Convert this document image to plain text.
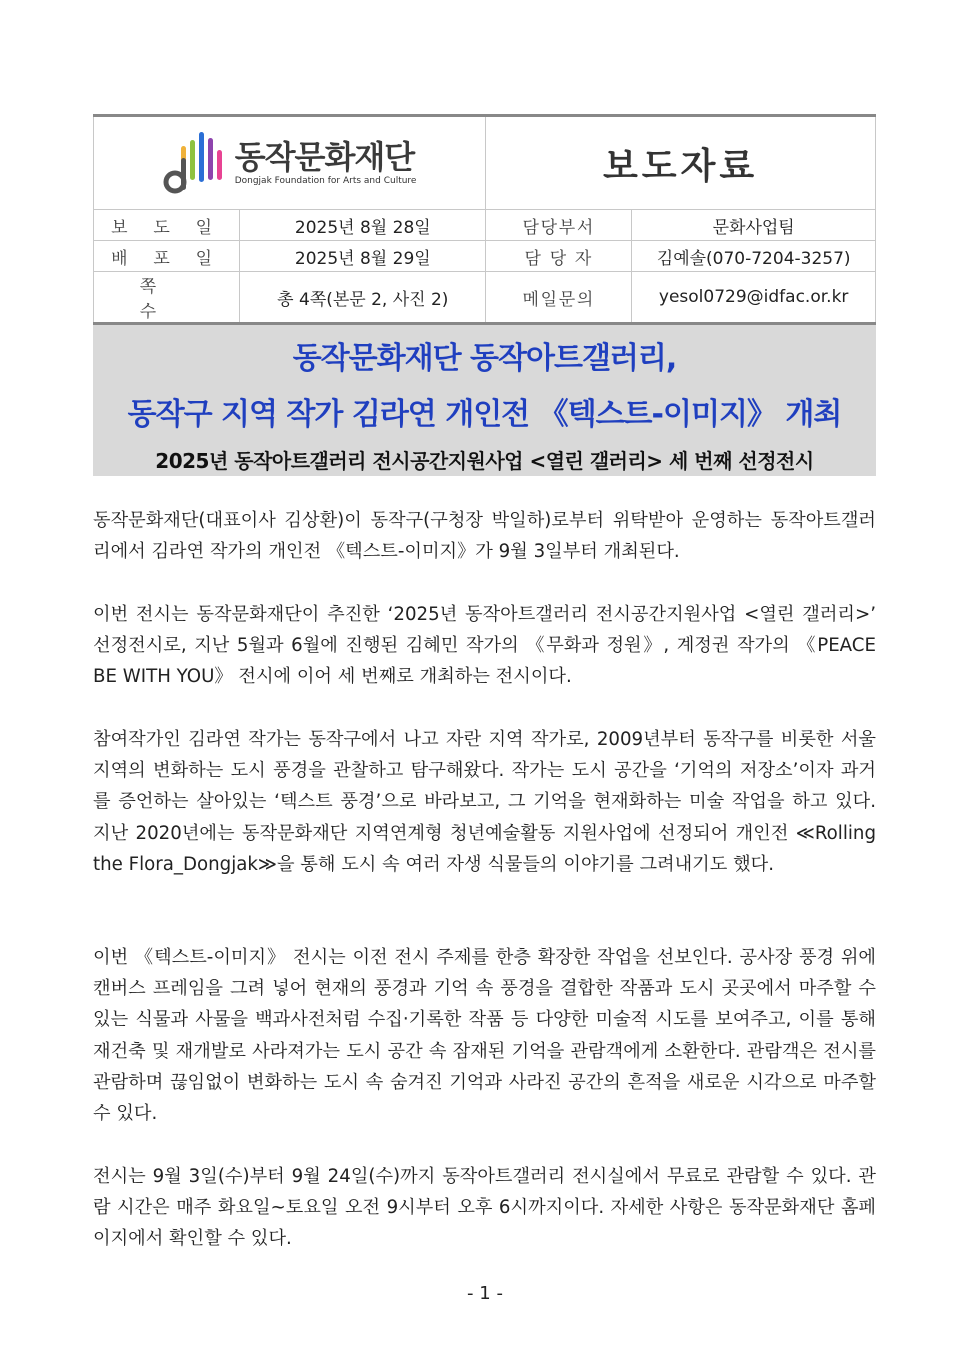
동작문화재단
Dongjak Foundation for Arts and Culture		보도자료	
보 도 일	2025년 8월 28일	담당부서	문화사업팀
배 포 일	2025년 8월 29일	담 당 자	김예솔(070-7204-3257)
쪽 수	총 4쪽(본문 2, 사진 2)	메일문의	yesol0729@idfac.or.kr
동작문화재단 동작아트갤러리,
동작구 지역 작가 김라연 개인전 《텍스트-이미지》 개최
2025년 동작아트갤러리 전시공간지원사업 <열린 갤러리> 세 번째 선정전시

동작문화재단(대표이사 김상환)이 동작구(구청장 박일하)로부터 위탁받아 운영하는 동작아트갤러리에서 김라연 작가의 개인전 《텍스트-이미지》가 9월 3일부터 개최된다.

이번 전시는 동작문화재단이 추진한 ‘2025년 동작아트갤러리 전시공간지원사업 <열린 갤러리>’ 선정전시로, 지난 5월과 6월에 진행된 김혜민 작가의 《무화과 정원》, 계정권 작가의 《PEACE BE WITH YOU》 전시에 이어 세 번째로 개최하는 전시이다.

참여작가인 김라연 작가는 동작구에서 나고 자란 지역 작가로, 2009년부터 동작구를 비롯한 서울 지역의 변화하는 도시 풍경을 관찰하고 탐구해왔다. 작가는 도시 공간을 ‘기억의 저장소’이자 과거를 증언하는 살아있는 ‘텍스트 풍경’으로 바라보고, 그 기억을 현재화하는 미술 작업을 하고 있다. 지난 2020년에는 동작문화재단 지역연계형 청년예술활동 지원사업에 선정되어 개인전 ≪Rolling the Flora_Dongjak≫을 통해 도시 속 여러 자생 식물들의 이야기를 그려내기도 했다.

이번 《텍스트-이미지》 전시는 이전 전시 주제를 한층 확장한 작업을 선보인다. 공사장 풍경 위에 캔버스 프레임을 그려 넣어 현재의 풍경과 기억 속 풍경을 결합한 작품과 도시 곳곳에서 마주할 수 있는 식물과 사물을 백과사전처럼 수집·기록한 작품 등 다양한 미술적 시도를 보여주고, 이를 통해 재건축 및 재개발로 사라져가는 도시 공간 속 잠재된 기억을 관람객에게 소환한다. 관람객은 전시를 관람하며 끊임없이 변화하는 도시 속 숨겨진 기억과 사라진 공간의 흔적을 새로운 시각으로 마주할 수 있다.

전시는 9월 3일(수)부터 9월 24일(수)까지 동작아트갤러리 전시실에서 무료로 관람할 수 있다. 관람 시간은 매주 화요일~토요일 오전 9시부터 오후 6시까지이다. 자세한 사항은 동작문화재단 홈페이지에서 확인할 수 있다.

- 1 -
